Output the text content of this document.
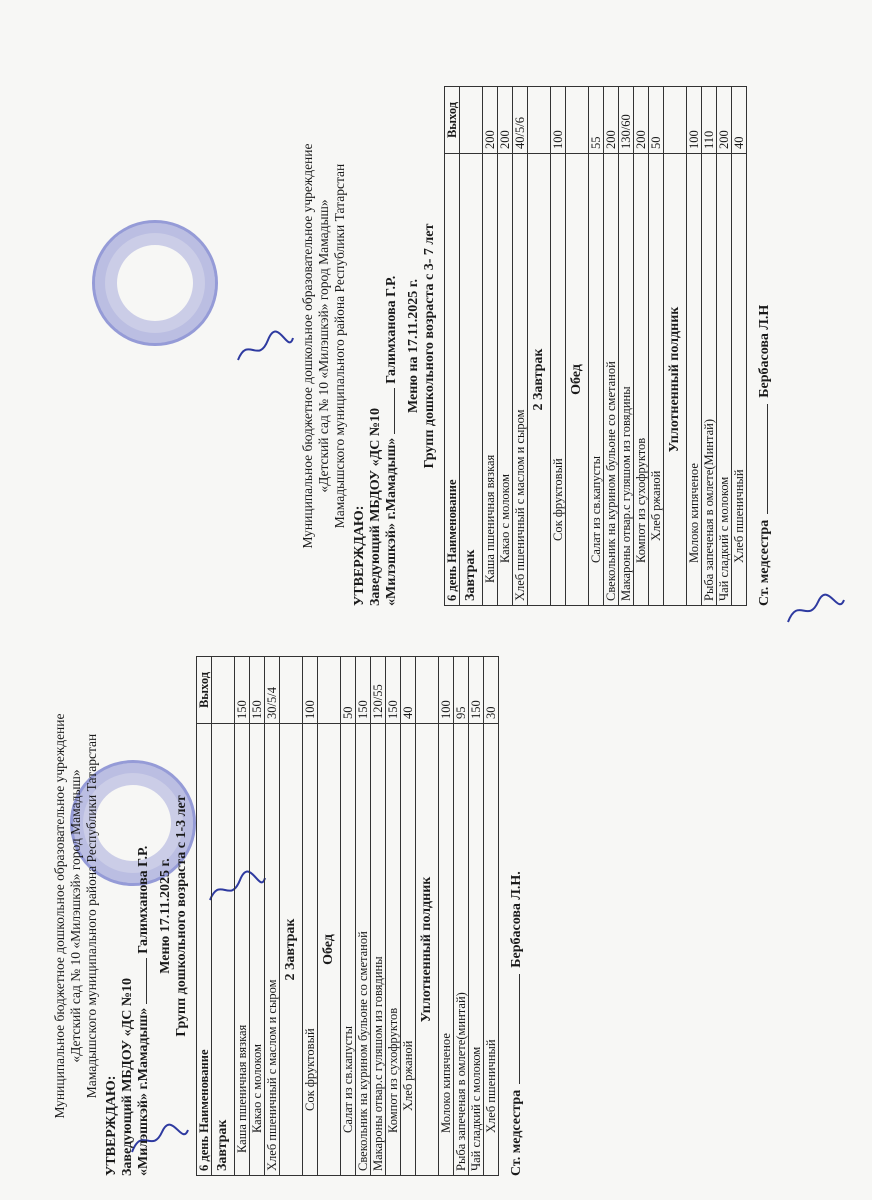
Муниципальное бюджетное дошкольное образовательное учреждение «Детский сад № 10 «Милэшкэй» город Мамадыш» Мамадышского муниципального района Республики Татарстан
УТВЕРЖДАЮ: Заведующий МБДОУ «ДС №10 «Милэшкэй» г.Мамадыш»Галимханова Г.Р. Меню 17.11.2025 г. Групп дошкольного возраста с 1-3 лет
6 день Наименование	Выход
Завтрак	
Каша пшеничная вязкая	150
Какао с молоком	150
Хлеб пшеничный с маслом и сыром	30/5/4
2 Завтрак	
Сок фруктовый	100
Обед	
Салат из св.капусты	50
Свекольник на курином бульоне со сметаной	150
Макароны отвар.с гуляшом из говядины	120/55
Компот из сухофруктов	150
Хлеб ржаной	40
Уплотненный полдник	
Молоко кипяченое	100
Рыба запеченая в омлете(минтай)	95
Чай сладкий с молоком	150
Хлеб пшеничный	30
Ст. медсестраБербасова Л.Н.
Муниципальное бюджетное дошкольное образовательное учреждение «Детский сад № 10 «Милэшкэй» город Мамадыш» Мамадышского муниципального района Республики Татарстан
УТВЕРЖДАЮ: Заведующий МБДОУ «ДС №10 «Милэшкэй» г.Мамадыш»Галимханова Г.Р. Меню на 17.11.2025 г. Групп дошкольного возраста с 3- 7 лет
6 день Наименование	Выход
Завтрак	
Каша пшеничная вязкая	200
Какао с молоком	200
Хлеб пшеничный с маслом и сыром	40/5/6
2 Завтрак	
Сок фруктовый	100
Обед	
Салат из св.капусты	55
Свекольник на курином бульоне со сметаной	200
Макароны отвар.с гуляшом из говядины	130/60
Компот из сухофруктов	200
Хлеб ржаной	50
Уплотненный полдник	
Молоко кипяченое	100
Рыба запеченая в омлете(Минтай)	110
Чай сладкий с молоком	200
Хлеб пшеничный	40
Ст. медсестраБербасова Л.Н
